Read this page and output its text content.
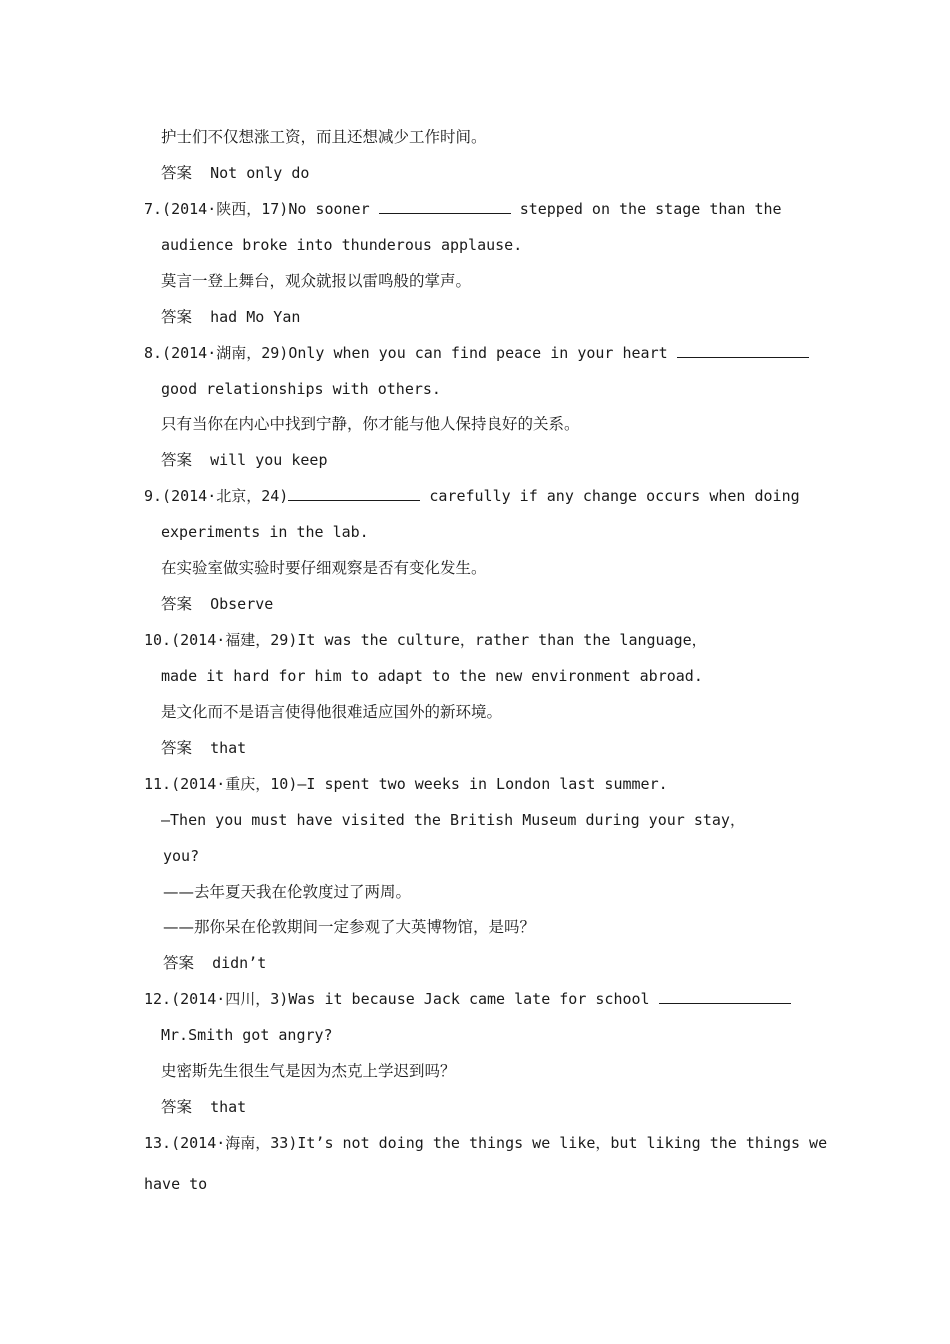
护士们不仅想涨工资，而且还想减少工作时间。
答案 Not only do
7.(2014·陕西，17)No sooner	stepped on the stage than the
audience broke into thunderous applause.
莫言一登上舞台，观众就报以雷鸣般的掌声。
答案 had Mo Yan
8.(2014·湖南，29)Only when you can find peace in your heart
good relationships with others.
只有当你在内心中找到宁静，你才能与他人保持良好的关系。
答案 will you keep
9.(2014·北京，24)	carefully if any change occurs when doing
experiments in the lab.
在实验室做实验时要仔细观察是否有变化发生。
答案 Observe
10.(2014·福建，29)It was the culture，rather than the language，
made it hard for him to adapt to the new environment abroad.
是文化而不是语言使得他很难适应国外的新环境。
答案 that
11.(2014·重庆，10)—I spent two weeks in London last summer.
—Then you must have visited the British Museum during your stay，
you?
——去年夏天我在伦敦度过了两周。
——那你呆在伦敦期间一定参观了大英博物馆，是吗？
答案 didn’t
12.(2014·四川，3)Was it because Jack came late for school
Mr.Smith got angry?
史密斯先生很生气是因为杰克上学迟到吗？
答案 that
13.(2014·海南，33)It’s not doing the things we like，but liking the things we
have to
